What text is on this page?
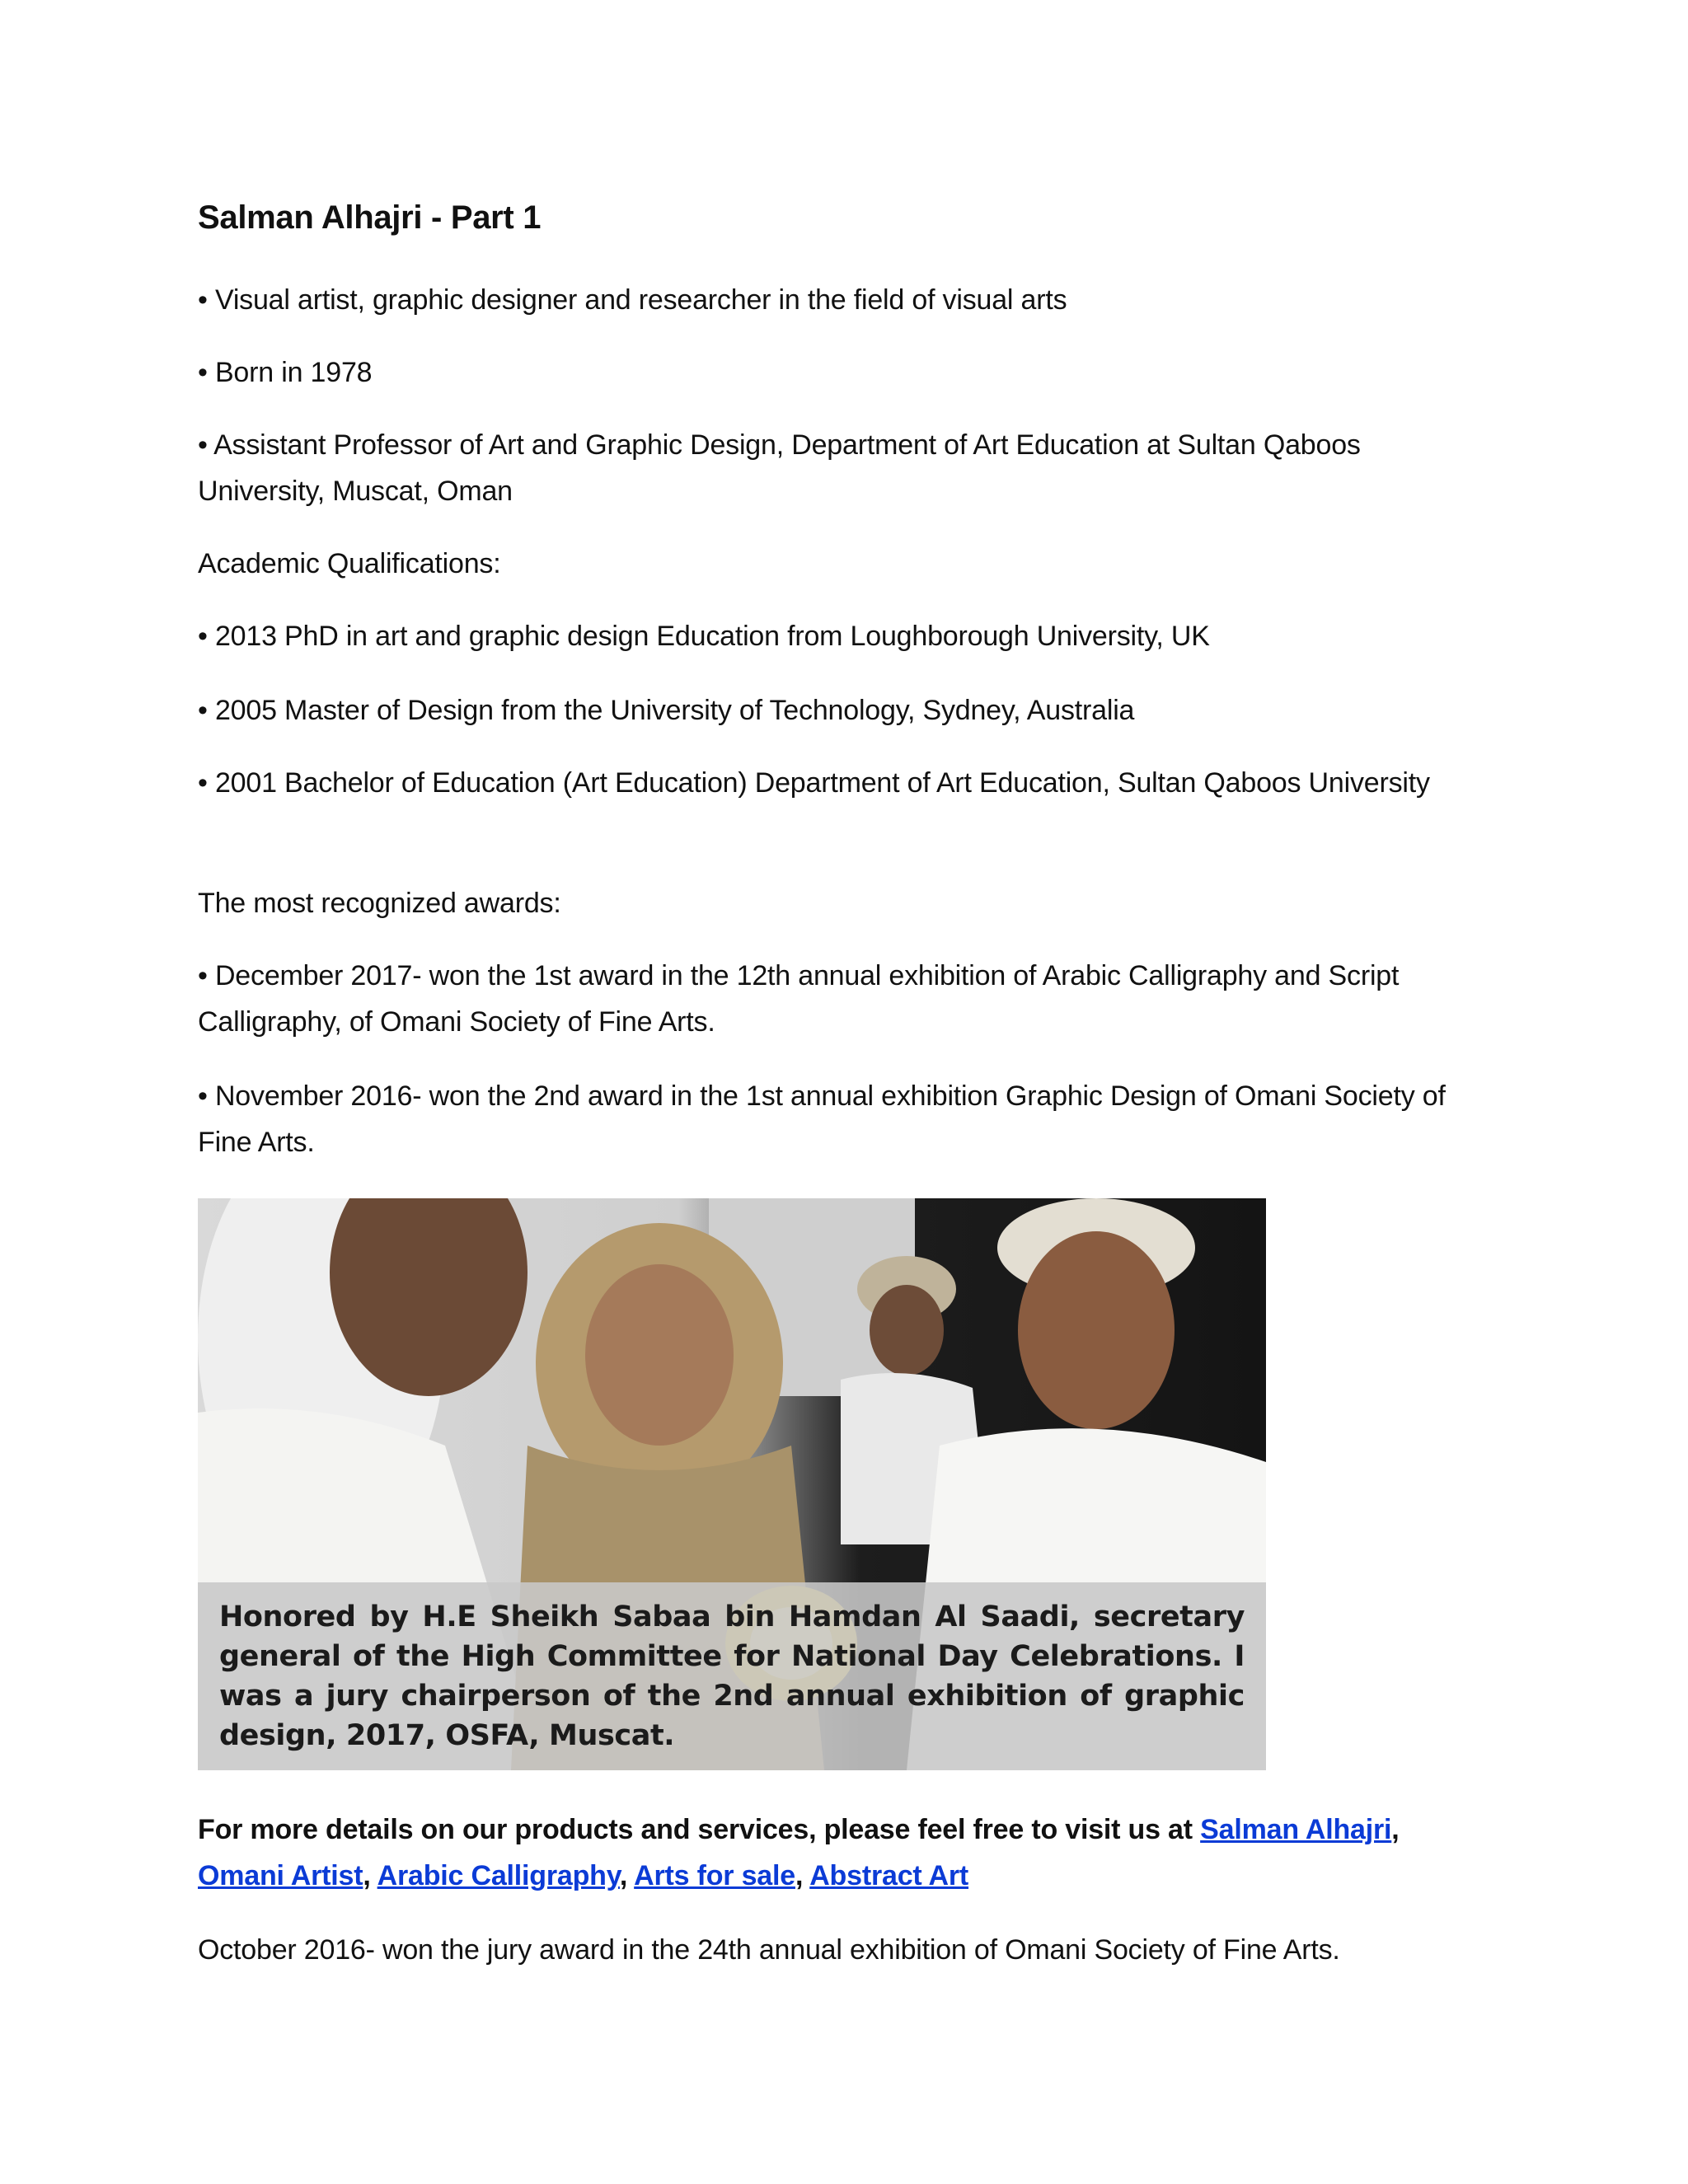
Salman Alhajri - Part 1

• Visual artist, graphic designer and researcher in the field of visual arts

• Born in 1978

• Assistant Professor of Art and Graphic Design, Department of Art Education at Sultan Qaboos University, Muscat, Oman

Academic Qualifications:

• 2013 PhD in art and graphic design Education from Loughborough University, UK

• 2005 Master of Design from the University of Technology, Sydney, Australia

• 2001 Bachelor of Education (Art Education) Department of Art Education, Sultan Qaboos University

The most recognized awards:

• December 2017- won the 1st award in the 12th annual exhibition of Arabic Calligraphy and Script Calligraphy, of Omani Society of Fine Arts.

• November 2016- won the 2nd award in the 1st annual exhibition Graphic Design of Omani Society of Fine Arts.

Honored by H.E Sheikh Sabaa bin Hamdan Al Saadi, secretary general of the High Committee for National Day Celebrations. I was a jury chairperson of the 2nd annual exhibition of graphic design, 2017, OSFA, Muscat.

For more details on our products and services, please feel free to visit us at Salman Alhajri, Omani Artist, Arabic Calligraphy, Arts for sale, Abstract Art

October 2016- won the jury award in the 24th annual exhibition of Omani Society of Fine Arts.
